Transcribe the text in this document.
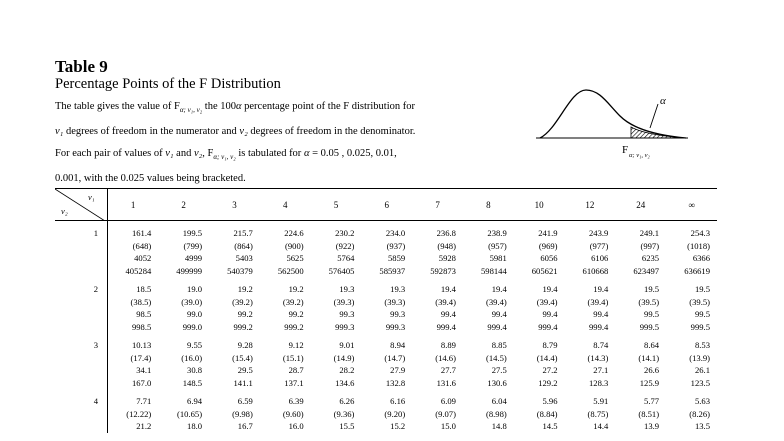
Table 9
Percentage Points of the F Distribution
The table gives the value of $F_{\alpha; \nu_1, \nu_2}$ the 100α percentage point of the F distribution for
ν₁ degrees of freedom in the numerator and ν₂ degrees of freedom in the denominator.
For each pair of values of ν₁ and ν₂, $F_{\alpha; \nu_1, \nu_2}$ is tabulated for α = 0.05 , 0.025, 0.01,
0.001, with the 0.025 values being bracketed.
α
F α; ν₁, ν₂
ν₁
ν₂	1	2	3	4	5	6	7	8	10	12	24	∞
1	161.4	199.5	215.7	224.6	230.2	234.0	236.8	238.9	241.9	243.9	249.1	254.3
	(648)	(799)	(864)	(900)	(922)	(937)	(948)	(957)	(969)	(977)	(997)	(1018)
	4052	4999	5403	5625	5764	5859	5928	5981	6056	6106	6235	6366
	405284	499999	540379	562500	576405	585937	592873	598144	605621	610668	623497	636619
2	18.5	19.0	19.2	19.2	19.3	19.3	19.4	19.4	19.4	19.4	19.5	19.5
	(38.5)	(39.0)	(39.2)	(39.2)	(39.3)	(39.3)	(39.4)	(39.4)	(39.4)	(39.4)	(39.5)	(39.5)
	98.5	99.0	99.2	99.2	99.3	99.3	99.4	99.4	99.4	99.4	99.5	99.5
	998.5	999.0	999.2	999.2	999.3	999.3	999.4	999.4	999.4	999.4	999.5	999.5
3	10.13	9.55	9.28	9.12	9.01	8.94	8.89	8.85	8.79	8.74	8.64	8.53
	(17.4)	(16.0)	(15.4)	(15.1)	(14.9)	(14.7)	(14.6)	(14.5)	(14.4)	(14.3)	(14.1)	(13.9)
	34.1	30.8	29.5	28.7	28.2	27.9	27.7	27.5	27.2	27.1	26.6	26.1
	167.0	148.5	141.1	137.1	134.6	132.8	131.6	130.6	129.2	128.3	125.9	123.5
4	7.71	6.94	6.59	6.39	6.26	6.16	6.09	6.04	5.96	5.91	5.77	5.63
	(12.22)	(10.65)	(9.98)	(9.60)	(9.36)	(9.20)	(9.07)	(8.98)	(8.84)	(8.75)	(8.51)	(8.26)
	21.2	18.0	16.7	16.0	15.5	15.2	15.0	14.8	14.5	14.4	13.9	13.5
